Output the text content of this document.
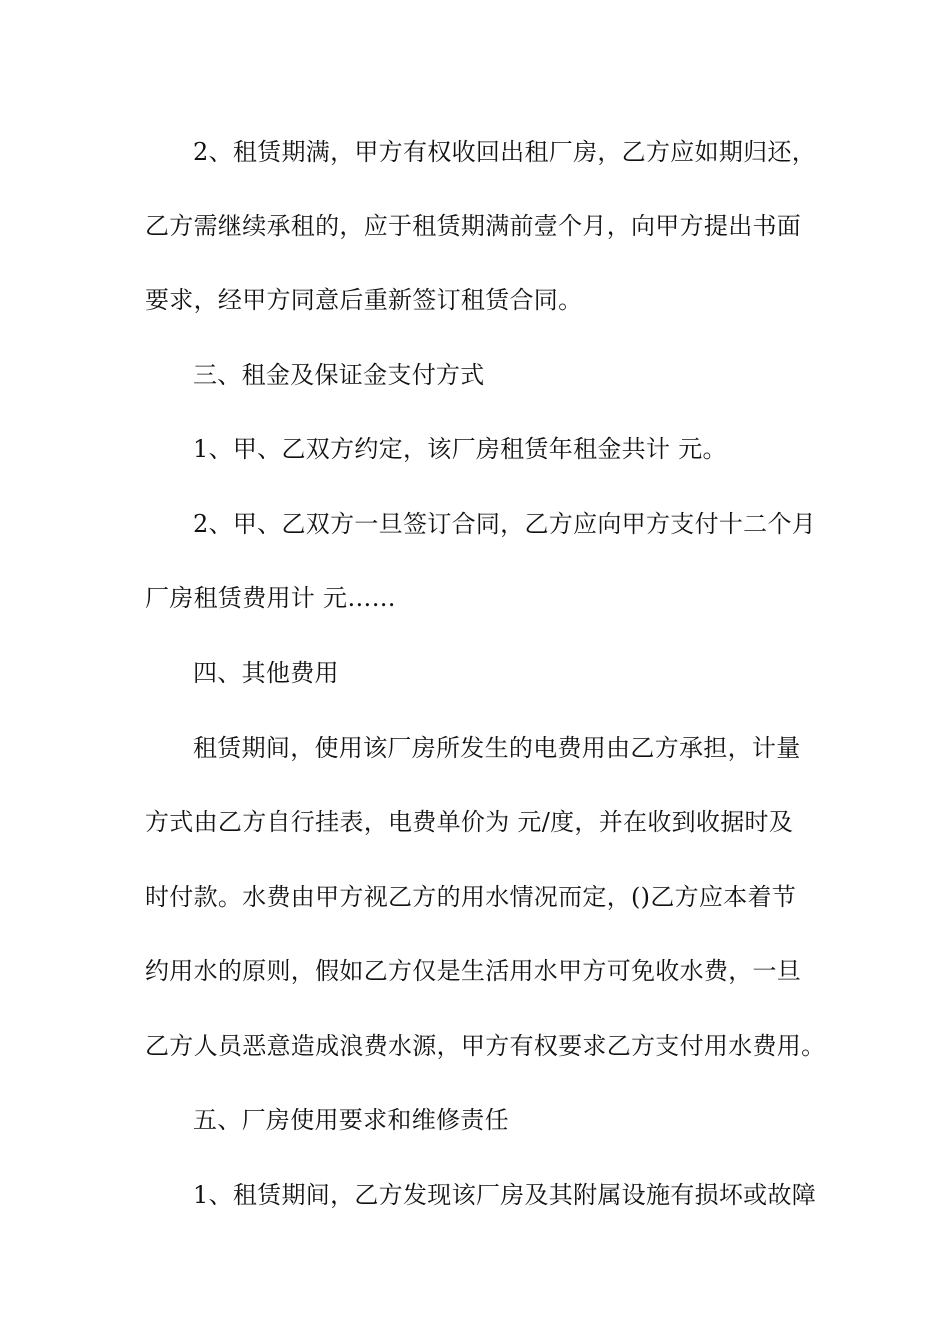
2、租赁期满，甲方有权收回出租厂房，乙方应如期归还，
乙方需继续承租的，应于租赁期满前壹个月，向甲方提出书面
要求，经甲方同意后重新签订租赁合同。
三、租金及保证金支付方式
1、甲、乙双方约定，该厂房租赁年租金共计 元。
2、甲、乙双方一旦签订合同，乙方应向甲方支付十二个月
厂房租赁费用计 元……
四、其他费用
租赁期间，使用该厂房所发生的电费用由乙方承担，计量
方式由乙方自行挂表，电费单价为 元/度，并在收到收据时及
时付款。水费由甲方视乙方的用水情况而定，()乙方应本着节
约用水的原则，假如乙方仅是生活用水甲方可免收水费，一旦
乙方人员恶意造成浪费水源，甲方有权要求乙方支付用水费用。
五、厂房使用要求和维修责任
1、租赁期间，乙方发现该厂房及其附属设施有损坏或故障
